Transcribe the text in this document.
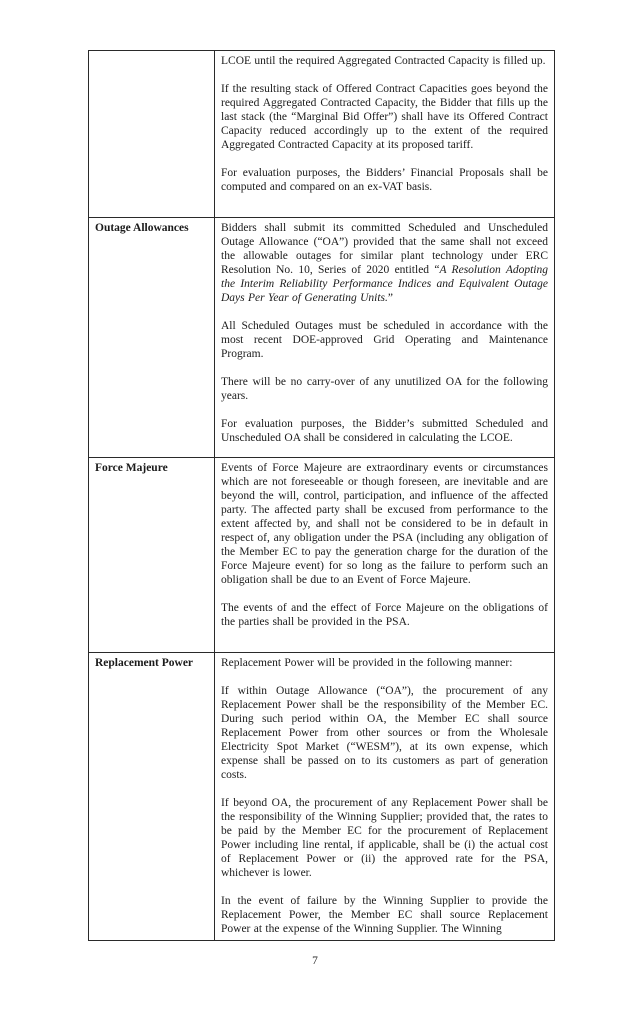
	LCOE until the required Aggregated Contracted Capacity is filled up.

If the resulting stack of Offered Contract Capacities goes beyond the required Aggregated Contracted Capacity, the Bidder that fills up the last stack (the “Marginal Bid Offer”) shall have its Offered Contract Capacity reduced accordingly up to the extent of the required Aggregated Contracted Capacity at its proposed tariff.

For evaluation purposes, the Bidders’ Financial Proposals shall be computed and compared on an ex-VAT basis.

Outage Allowances	Bidders shall submit its committed Scheduled and Unscheduled Outage Allowance (“OA”) provided that the same shall not exceed the allowable outages for similar plant technology under ERC Resolution No. 10, Series of 2020 entitled “A Resolution Adopting the Interim Reliability Performance Indices and Equivalent Outage Days Per Year of Generating Units.”

All Scheduled Outages must be scheduled in accordance with the most recent DOE-approved Grid Operating and Maintenance Program.

There will be no carry-over of any unutilized OA for the following years.

For evaluation purposes, the Bidder’s submitted Scheduled and Unscheduled OA shall be considered in calculating the LCOE.

Force Majeure	Events of Force Majeure are extraordinary events or circumstances which are not foreseeable or though foreseen, are inevitable and are beyond the will, control, participation, and influence of the affected party. The affected party shall be excused from performance to the extent affected by, and shall not be considered to be in default in respect of, any obligation under the PSA (including any obligation of the Member EC to pay the generation charge for the duration of the Force Majeure event) for so long as the failure to perform such an obligation shall be due to an Event of Force Majeure.

The events of and the effect of Force Majeure on the obligations of the parties shall be provided in the PSA.

Replacement Power	Replacement Power will be provided in the following manner:

If within Outage Allowance (“OA”), the procurement of any Replacement Power shall be the responsibility of the Member EC. During such period within OA, the Member EC shall source Replacement Power from other sources or from the Wholesale Electricity Spot Market (“WESM”), at its own expense, which expense shall be passed on to its customers as part of generation costs.

If beyond OA, the procurement of any Replacement Power shall be the responsibility of the Winning Supplier; provided that, the rates to be paid by the Member EC for the procurement of Replacement Power including line rental, if applicable, shall be (i) the actual cost of Replacement Power or (ii) the approved rate for the PSA, whichever is lower.

In the event of failure by the Winning Supplier to provide the Replacement Power, the Member EC shall source Replacement Power at the expense of the Winning Supplier. The Winning

7
